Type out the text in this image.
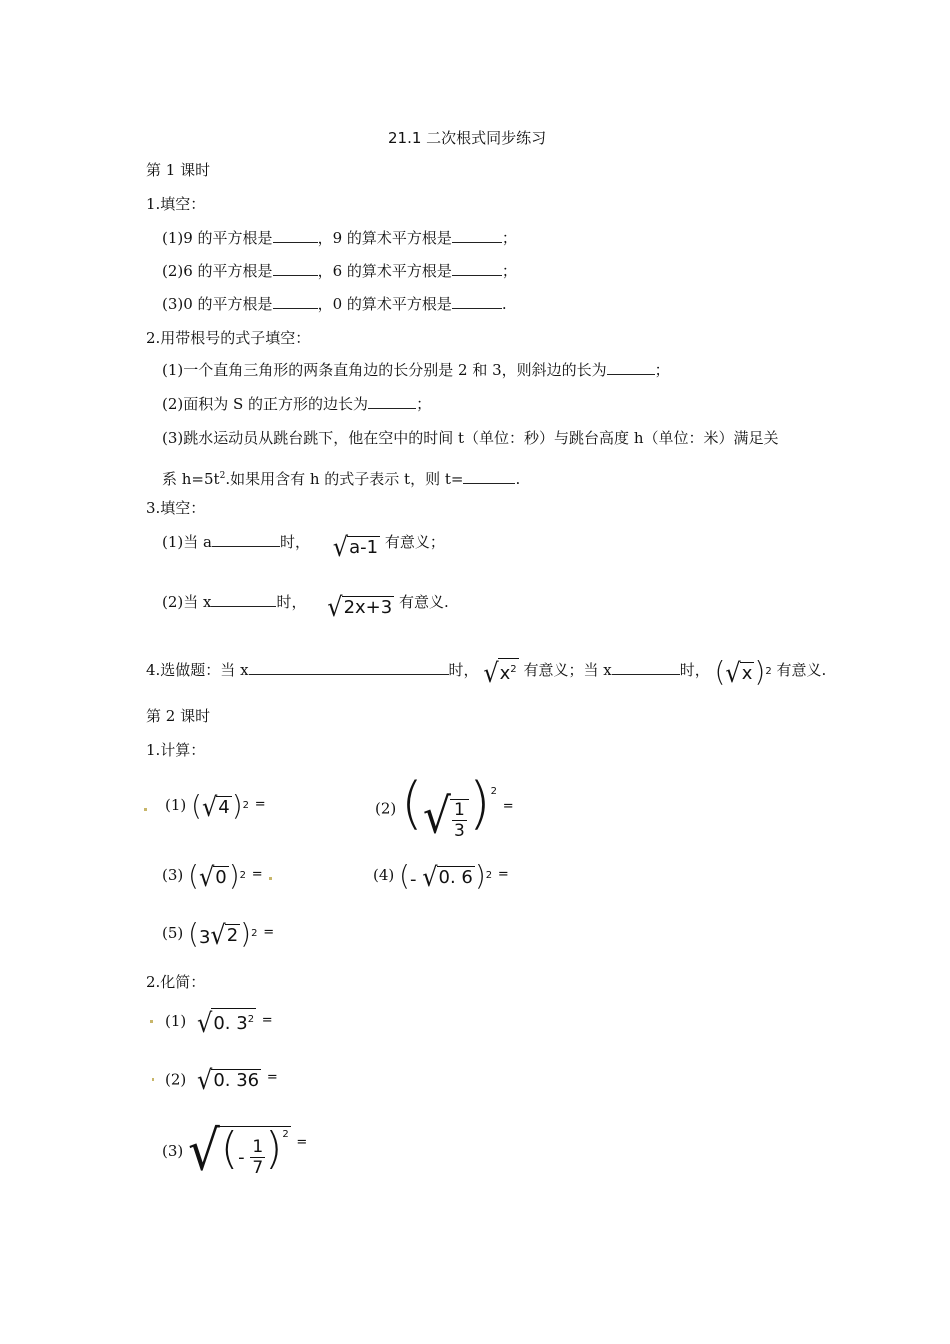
21.1 二次根式同步练习
第 1 课时
1.填空：
(1)9 的平方根是	，9 的算术平方根是	；
(2)6 的平方根是	，6 的算术平方根是	；
(3)0 的平方根是	，0 的算术平方根是	.
2.用带根号的式子填空：
(1)一个直角三角形的两条直角边的长分别是 2 和 3，则斜边的长为	；
(2)面积为 S 的正方形的边长为	；
(3)跳水运动员从跳台跳下，他在空中的时间 t（单位：秒）与跳台高度 h（单位：米）满足关
系 $h=5t^2$.如果用含有 h 的式子表示 t，则 t=	.
3.填空：
(1)当 a	时， √ a-1 有意义；
(2)当 x	时， √ 2x+3 有意义.
4.选做题：当 x	时， √ $x^2$ 有意义；当 x	时， ( √ x )$^2$ 有意义.
第 2 课时
1.计算：
(1) ( √ 4 )$^2$ =	(2) ( √ $\frac{1}{3} )^2$ =
(3) ( √ 0 )$^2$ =	(4) (- √ 0. 6 )$^2$ =
(5) (3 √ 2 )$^2$ =
2.化简：
(1) √ 0. $3^2$ =
(2) √ 0. 36 =
(3) √ (- $\frac{1}{7} )^2$
=
